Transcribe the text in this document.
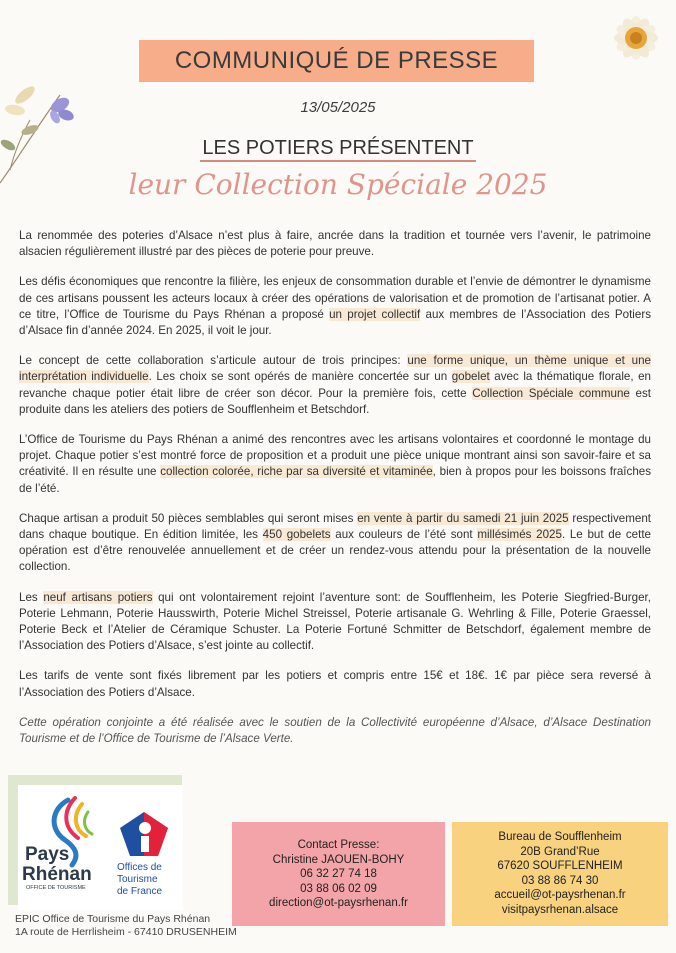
COMMUNIQUÉ DE PRESSE
13/05/2025
LES POTIERS PRÉSENTENT
leur Collection Spéciale 2025

La renommée des poteries d’Alsace n’est plus à faire, ancrée dans la tradition et tournée vers l’avenir, le patrimoine alsacien régulièrement illustré par des pièces de poterie pour preuve.

Les défis économiques que rencontre la filière, les enjeux de consommation durable et l’envie de démontrer le dynamisme de ces artisans poussent les acteurs locaux à créer des opérations de valorisation et de promotion de l’artisanat potier. A ce titre, l’Office de Tourisme du Pays Rhénan a proposé un projet collectif aux membres de l’Association des Potiers d’Alsace fin d’année 2024. En 2025, il voit le jour.

Le concept de cette collaboration s’articule autour de trois principes: une forme unique, un thème unique et une interprétation individuelle. Les choix se sont opérés de manière concertée sur un gobelet avec la thématique florale, en revanche chaque potier était libre de créer son décor. Pour la première fois, cette Collection Spéciale commune est produite dans les ateliers des potiers de Soufflenheim et Betschdorf.

L’Office de Tourisme du Pays Rhénan a animé des rencontres avec les artisans volontaires et coordonné le montage du projet. Chaque potier s’est montré force de proposition et a produit une pièce unique montrant ainsi son savoir-faire et sa créativité. Il en résulte une collection colorée, riche par sa diversité et vitaminée, bien à propos pour les boissons fraîches de l’été.

Chaque artisan a produit 50 pièces semblables qui seront mises en vente à partir du samedi 21 juin 2025 respectivement dans chaque boutique. En édition limitée, les 450 gobelets aux couleurs de l’été sont millésimés 2025. Le but de cette opération est d’être renouvelée annuellement et de créer un rendez-vous attendu pour la présentation de la nouvelle collection.

Les neuf artisans potiers qui ont volontairement rejoint l’aventure sont: de Soufflenheim, les Poterie Siegfried-Burger, Poterie Lehmann, Poterie Hausswirth, Poterie Michel Streissel, Poterie artisanale G. Wehrling & Fille, Poterie Graessel, Poterie Beck et l’Atelier de Céramique Schuster. La Poterie Fortuné Schmitter de Betschdorf, également membre de l’Association des Potiers d’Alsace, s’est jointe au collectif.

Les tarifs de vente sont fixés librement par les potiers et compris entre 15€ et 18€. 1€ par pièce sera reversé à l’Association des Potiers d’Alsace.

Cette opération conjointe a été réalisée avec le soutien de la Collectivité européenne d’Alsace, d’Alsace Destination Tourisme et de l’Office de Tourisme de l’Alsace Verte.

Pays
Rhénan
OFFICE DE TOURISME
Offices de
Tourisme
de France
EPIC Office de Tourisme du Pays Rhénan
1A route de Herrlisheim - 67410 DRUSENHEIM
Contact Presse:
Christine JAOUEN-BOHY
06 32 27 74 18
03 88 06 02 09
direction@ot-paysrhenan.fr
Bureau de Soufflenheim
20B Grand’Rue
67620 SOUFFLENHEIM
03 88 86 74 30
accueil@ot-paysrhenan.fr
visitpaysrhenan.alsace
